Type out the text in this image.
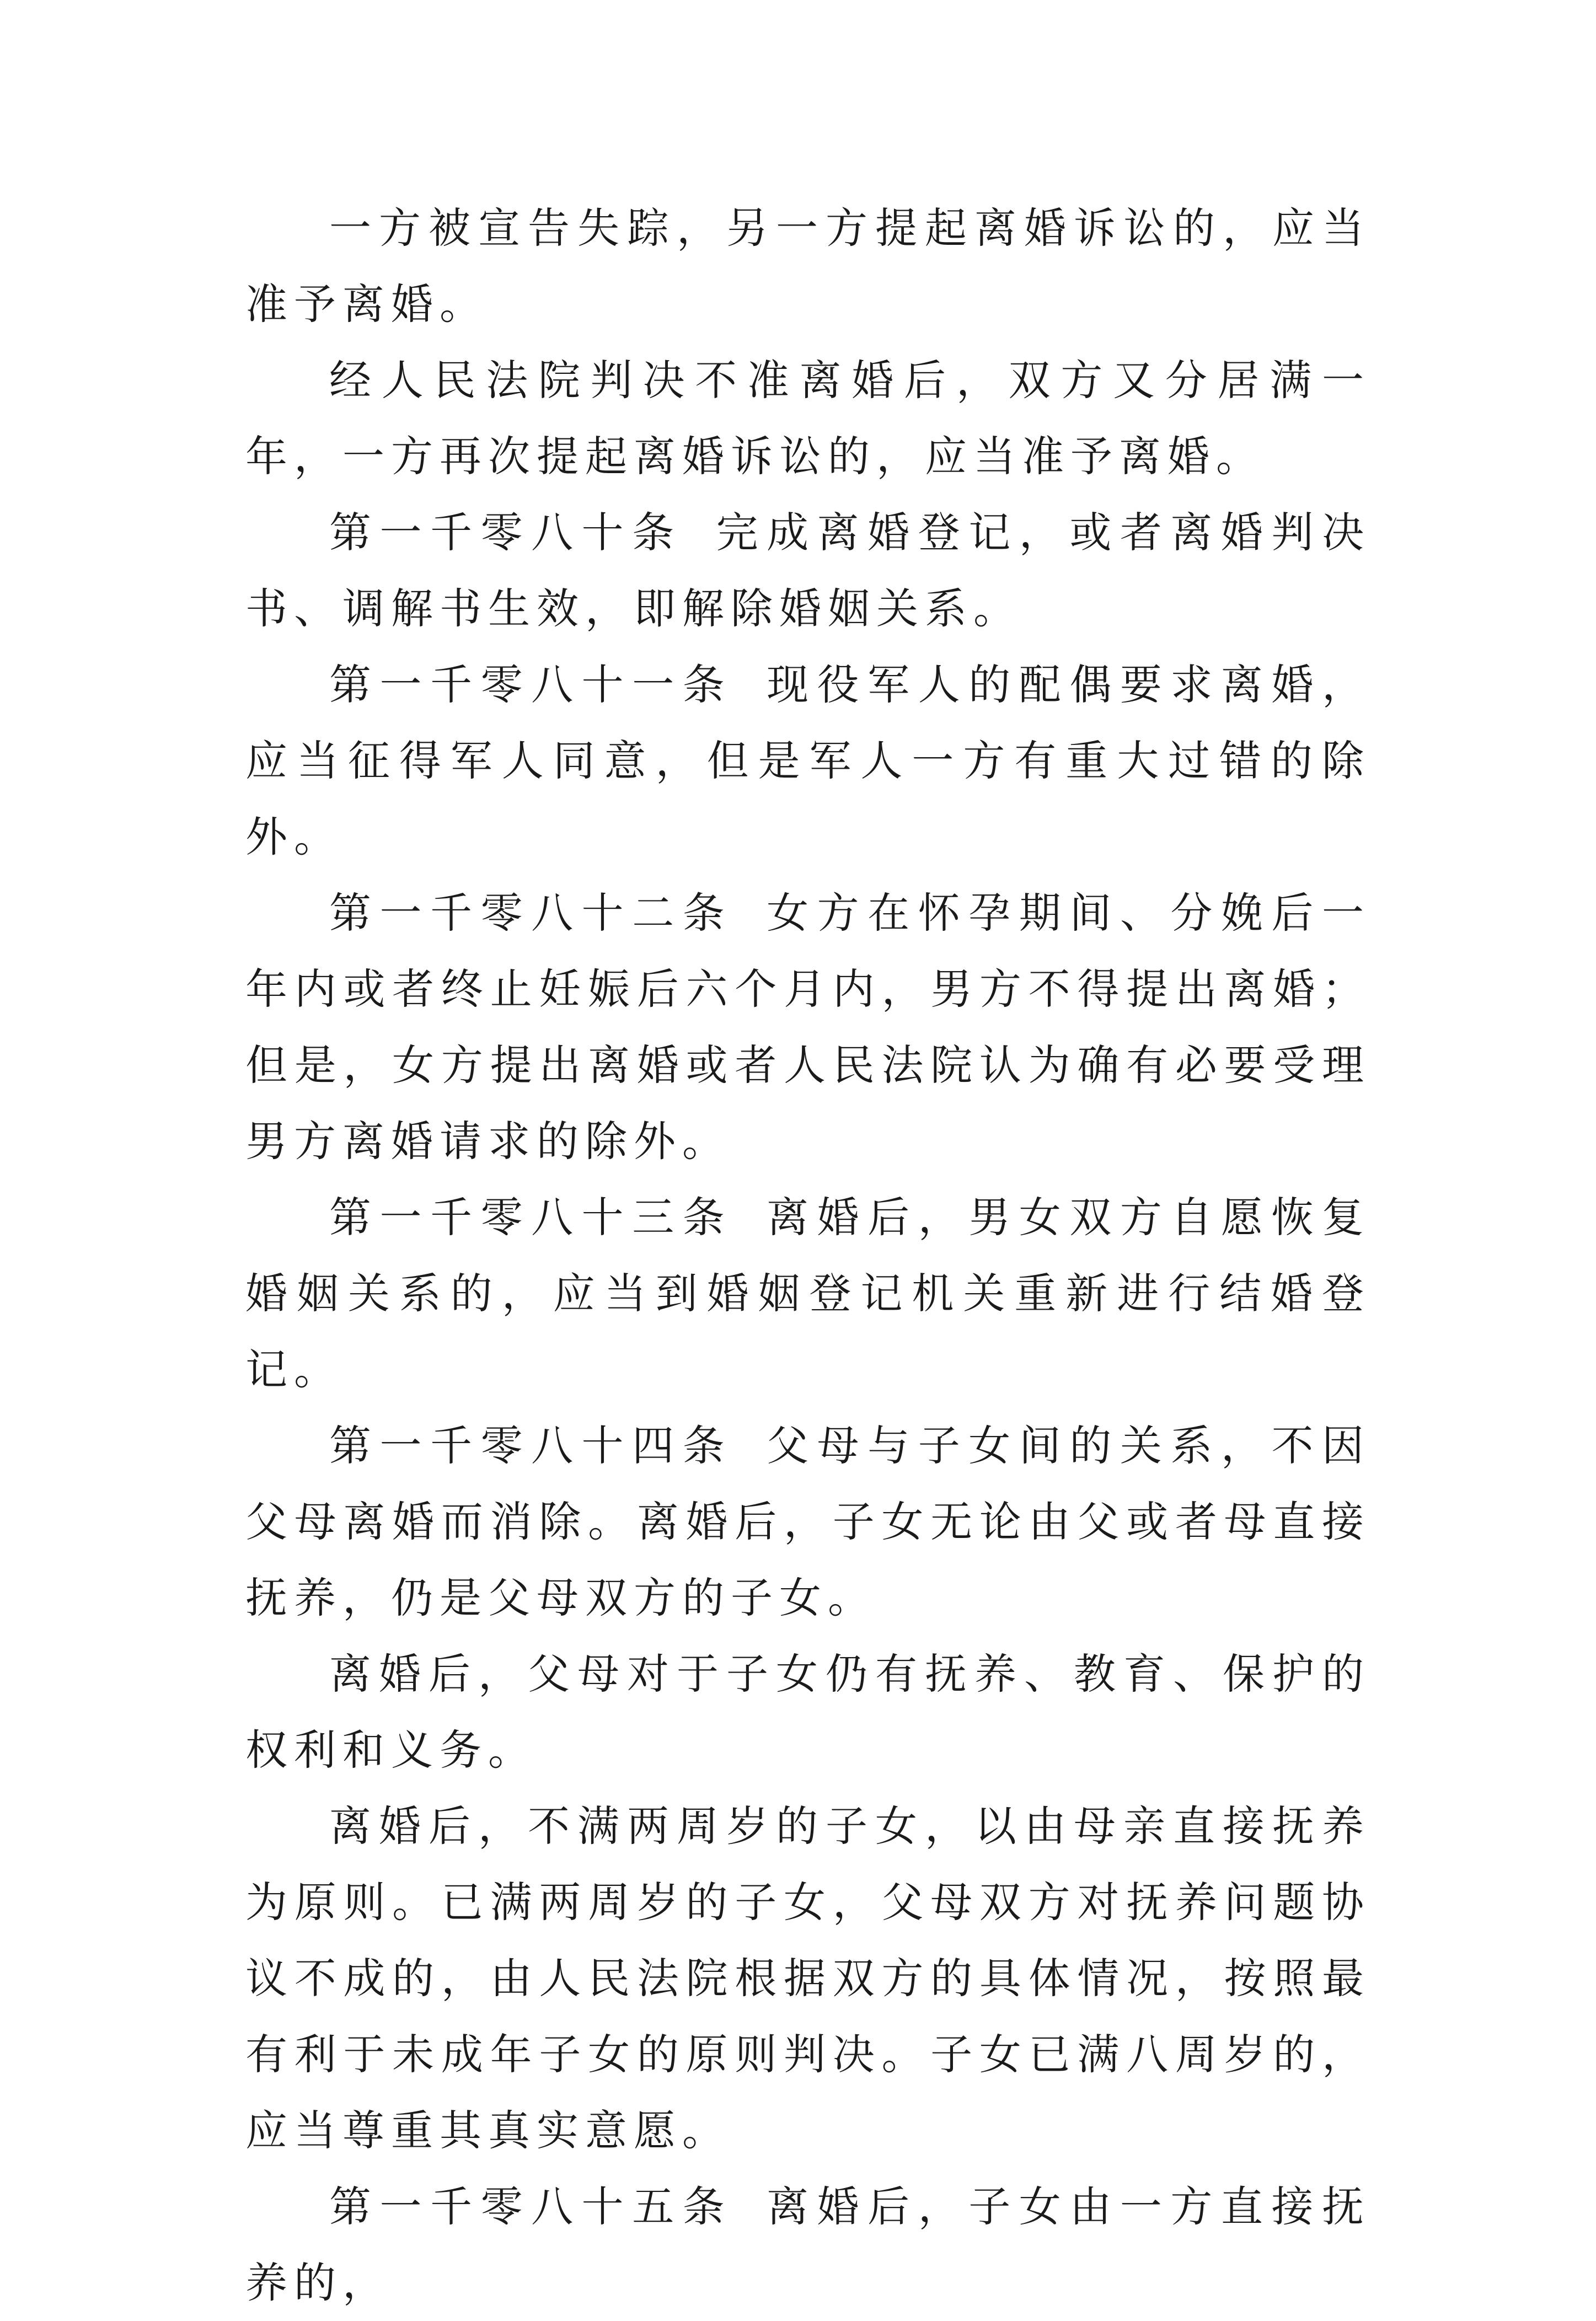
一方被宣告失踪，另一方提起离婚诉讼的，应当准予离婚。

经人民法院判决不准离婚后，双方又分居满一年，一方再次提起离婚诉讼的，应当准予离婚。

第一千零八十条 完成离婚登记，或者离婚判决书、调解书生效，即解除婚姻关系。

第一千零八十一条 现役军人的配偶要求离婚，应当征得军人同意，但是军人一方有重大过错的除外。

第一千零八十二条 女方在怀孕期间、分娩后一年内或者终止妊娠后六个月内，男方不得提出离婚；但是，女方提出离婚或者人民法院认为确有必要受理男方离婚请求的除外。

第一千零八十三条 离婚后，男女双方自愿恢复婚姻关系的，应当到婚姻登记机关重新进行结婚登记。

第一千零八十四条 父母与子女间的关系，不因父母离婚而消除。离婚后，子女无论由父或者母直接抚养，仍是父母双方的子女。

离婚后，父母对于子女仍有抚养、教育、保护的权利和义务。

离婚后，不满两周岁的子女，以由母亲直接抚养为原则。已满两周岁的子女，父母双方对抚养问题协议不成的，由人民法院根据双方的具体情况，按照最有利于未成年子女的原则判决。子女已满八周岁的，应当尊重其真实意愿。

第一千零八十五条 离婚后，子女由一方直接抚养的，
